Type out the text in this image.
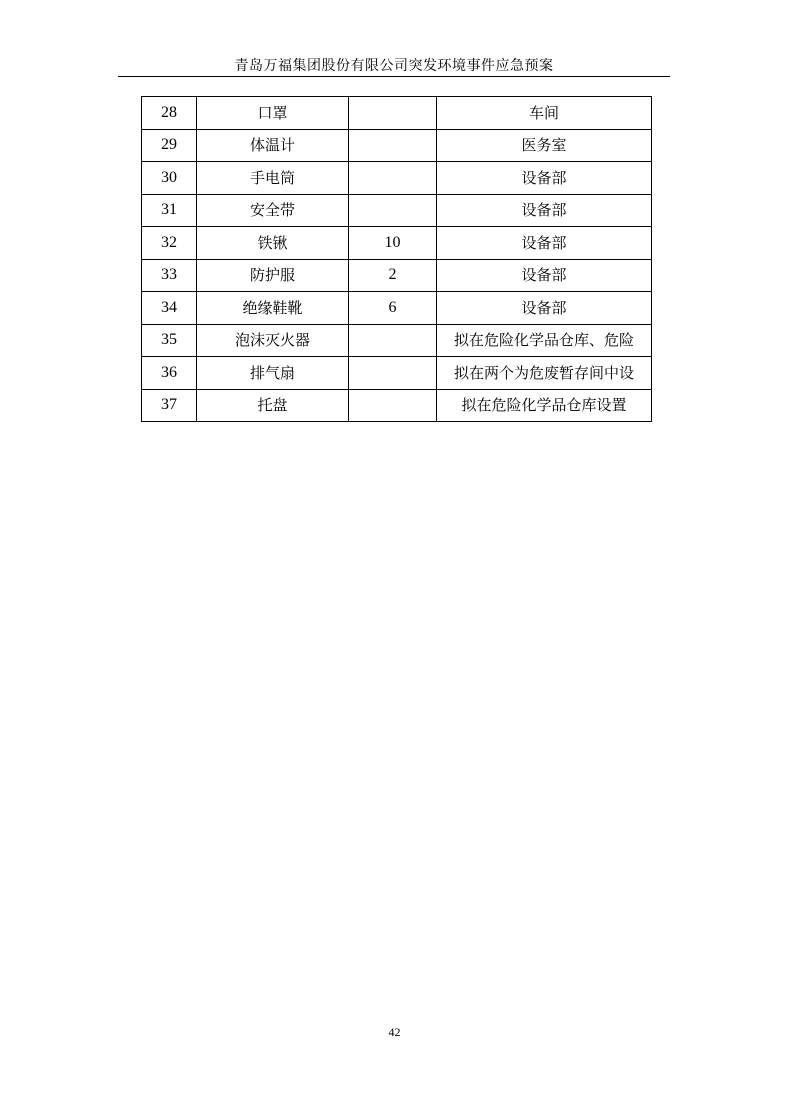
青岛万福集团股份有限公司突发环境事件应急预案
28	口罩		车间
29	体温计		医务室
30	手电筒		设备部
31	安全带		设备部
32	铁锹	10	设备部
33	防护服	2	设备部
34	绝缘鞋靴	6	设备部
35	泡沫灭火器		拟在危险化学品仓库、危险
36	排气扇		拟在两个为危废暂存间中设
37	托盘		拟在危险化学品仓库设置
42
